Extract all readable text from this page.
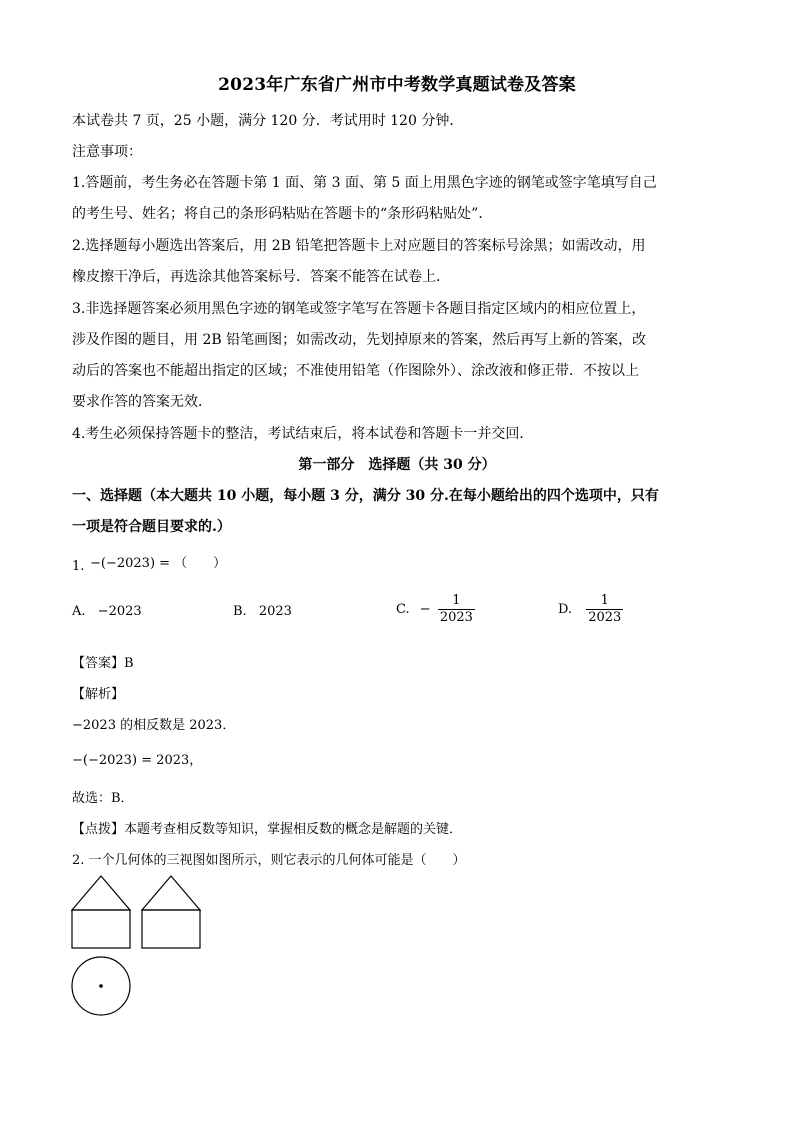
2023年广东省广州市中考数学真题试卷及答案
本试卷共 7 页，25 小题，满分 120 分．考试用时 120 分钟．
注意事项：
1.答题前，考生务必在答题卡第 1 面、第 3 面、第 5 面上用黑色字迹的钢笔或签字笔填写自己
的考生号、姓名；将自己的条形码粘贴在答题卡的“条形码粘贴处”．
2.选择题每小题选出答案后，用 2B 铅笔把答题卡上对应题目的答案标号涂黑；如需改动，用
橡皮擦干净后，再选涂其他答案标号．答案不能答在试卷上．
3.非选择题答案必须用黑色字迹的钢笔或签字笔写在答题卡各题目指定区域内的相应位置上，
涉及作图的题目，用 2B 铅笔画图；如需改动，先划掉原来的答案，然后再写上新的答案，改
动后的答案也不能超出指定的区域；不准使用铅笔（作图除外）、涂改液和修正带．不按以上
要求作答的答案无效．
4.考生必须保持答题卡的整洁，考试结束后，将本试卷和答题卡一并交回．
第一部分　选择题（共 30 分）
一、选择题（本大题共 10 小题，每小题 3 分，满分 30 分.在每小题给出的四个选项中，只有
一项是符合题目要求的.）
1. −(−2023) = （　　）
A. −2023	B. 2023	C. − $\frac{1}{2023}$	D. $\frac{1}{2023}$
【答案】B
【解析】
−2023 的相反数是 2023．
−(−2023) = 2023，
故选：B．
【点拨】本题考查相反数等知识，掌握相反数的概念是解题的关键．
2. 一个几何体的三视图如图所示，则它表示的几何体可能是（　　）
